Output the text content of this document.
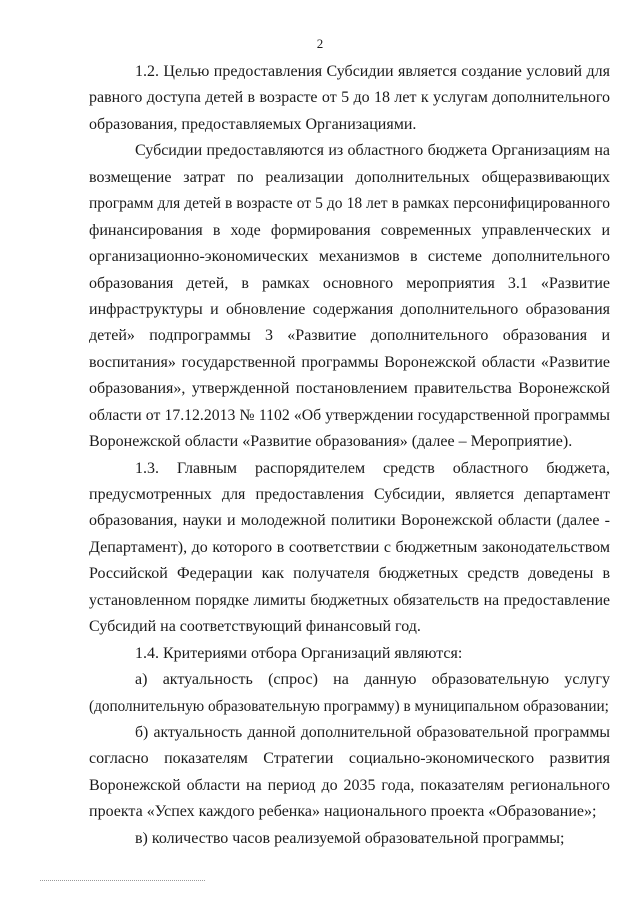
2
1.2. Целью предоставления Субсидии является создание условий для
равного доступа детей в возрасте от 5 до 18 лет к услугам дополнительного
образования, предоставляемых Организациями.
Субсидии предоставляются из областного бюджета Организациям на
возмещение затрат по реализации дополнительных общеразвивающих
программ для детей в возрасте от 5 до 18 лет в рамках персонифицированного
финансирования в ходе формирования современных управленческих и
организационно-экономических механизмов в системе дополнительного
образования детей, в рамках основного мероприятия 3.1 «Развитие
инфраструктуры и обновление содержания дополнительного образования
детей» подпрограммы 3 «Развитие дополнительного образования и
воспитания» государственной программы Воронежской области «Развитие
образования», утвержденной постановлением правительства Воронежской
области от 17.12.2013 № 1102 «Об утверждении государственной программы
Воронежской области «Развитие образования» (далее – Мероприятие).
1.3. Главным распорядителем средств областного бюджета,
предусмотренных для предоставления Субсидии, является департамент
образования, науки и молодежной политики Воронежской области (далее -
Департамент), до которого в соответствии с бюджетным законодательством
Российской Федерации как получателя бюджетных средств доведены в
установленном порядке лимиты бюджетных обязательств на предоставление
Субсидий на соответствующий финансовый год.
1.4. Критериями отбора Организаций являются:
а) актуальность (спрос) на данную образовательную услугу
(дополнительную образовательную программу) в муниципальном образовании;
б) актуальность данной дополнительной образовательной программы
согласно показателям Стратегии социально-экономического развития
Воронежской области на период до 2035 года, показателям регионального
проекта «Успех каждого ребенка» национального проекта «Образование»;
в) количество часов реализуемой образовательной программы;
